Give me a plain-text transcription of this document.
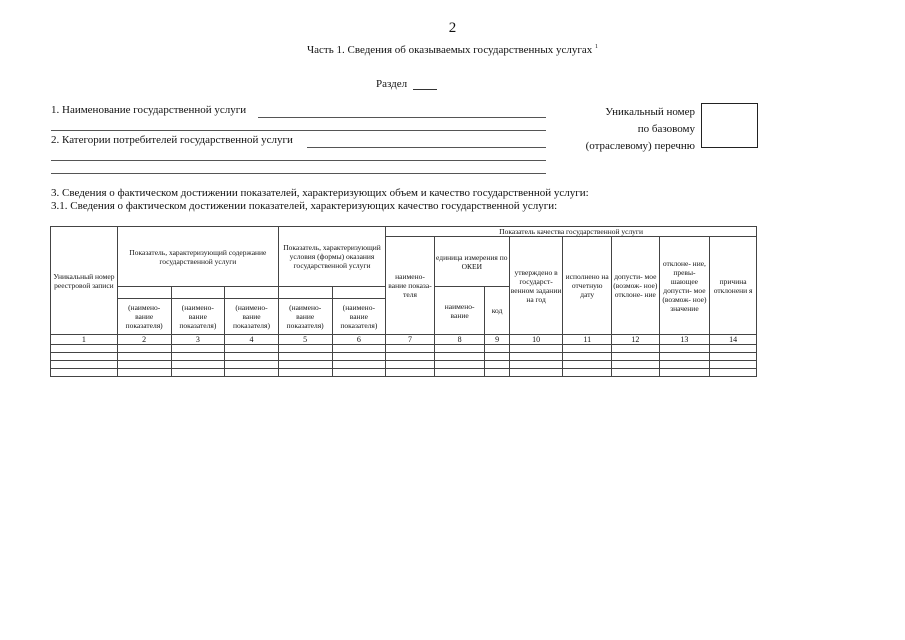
2
Часть 1. Сведения об оказываемых государственных услугах $^1$
Раздел
1. Наименование государственной услуги
2. Категории потребителей государственной услуги
Уникальный номер
по базовому
(отраслевому) перечню
3. Сведения о фактическом достижении показателей, характеризующих объем и качество государственной услуги:
3.1. Сведения о фактическом достижении показателей, характеризующих качество государственной услуги:
Уникальный номер реестровой записи	Показатель, характеризующий содержание государственной услуги			Показатель, характеризующий условия (формы) оказания государственной услуги		Показатель качества государственной услуги							
						наимено- вание показа- теля	единица измерения по ОКЕИ		утверждено в государст- венном задании на год	исполнено на отчетную дату	допусти- мое (возмож- ное) отклоне- ние	отклоне- ние, превы- шающее допусти- мое (возмож- ное) значение	причина отклонени я
							наимено- вание	код					
	(наимено- вание показателя)	(наимено- вание показателя)	(наимено- вание показателя)	(наимено- вание показателя)	(наимено- вание показателя)								
1	2	3	4	5	6	7	8	9	10	11	12	13	14
